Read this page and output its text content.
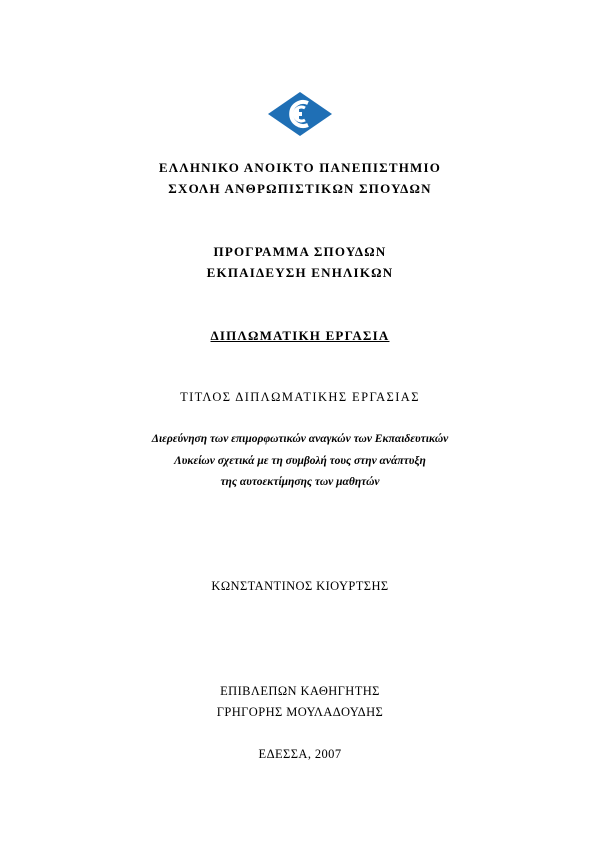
ΕΛΛΗΝΙΚΟ ΑΝΟΙΚΤΟ ΠΑΝΕΠΙΣΤΗΜΙΟ
ΣΧΟΛΗ ΑΝΘΡΩΠΙΣΤΙΚΩΝ ΣΠΟΥΔΩΝ
ΠΡΟΓΡΑΜΜΑ ΣΠΟΥΔΩΝ
ΕΚΠΑΙΔΕΥΣΗ ΕΝΗΛΙΚΩΝ
ΔΙΠΛΩΜΑΤΙΚΗ ΕΡΓΑΣΙΑ
ΤΙΤΛΟΣ ΔΙΠΛΩΜΑΤΙΚΗΣ ΕΡΓΑΣΙΑΣ
Διερεύνηση των επιμορφωτικών αναγκών των Εκπαιδευτικών
Λυκείων σχετικά με τη συμβολή τους στην ανάπτυξη
της αυτοεκτίμησης των μαθητών
ΚΩΝΣΤΑΝΤΙΝΟΣ ΚΙΟΥΡΤΣΗΣ
ΕΠΙΒΛΕΠΩΝ ΚΑΘΗΓΗΤΗΣ
ΓΡΗΓΟΡΗΣ ΜΟΥΛΑΔΟΥΔΗΣ
ΕΔΕΣΣΑ, 2007
